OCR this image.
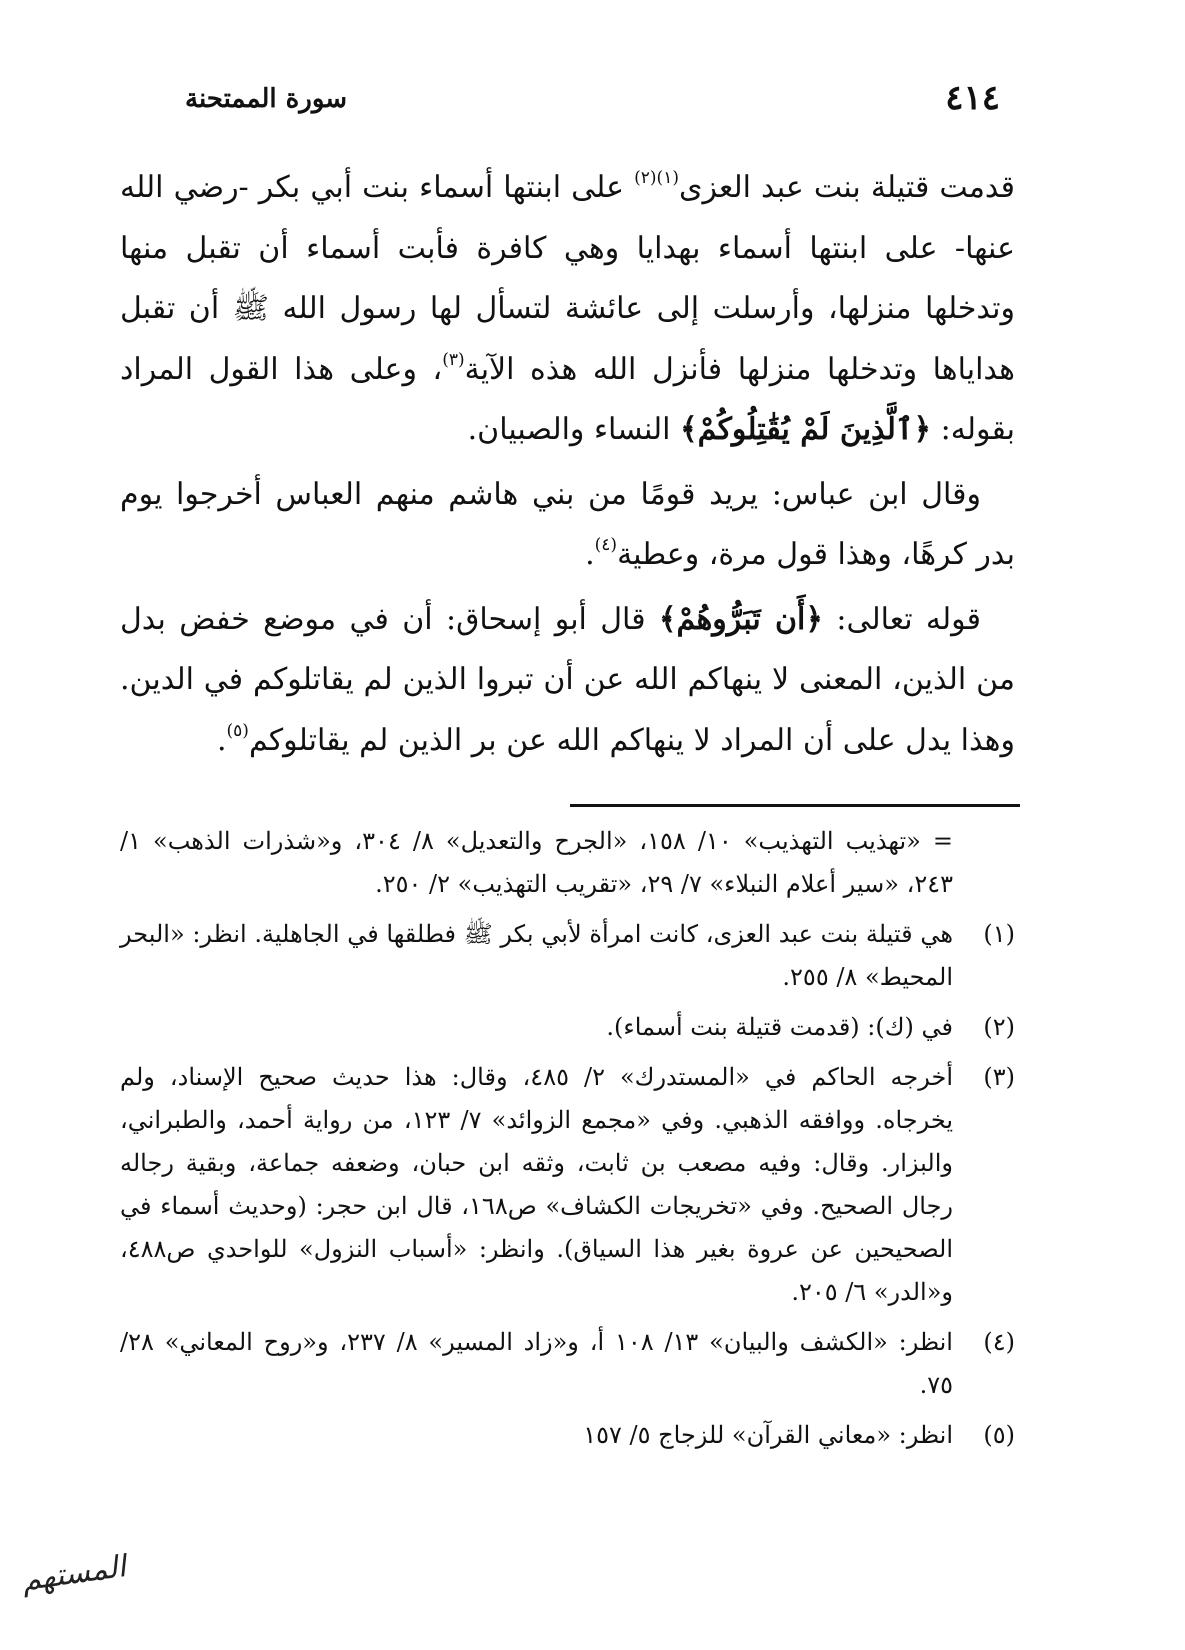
٤١٤
سورة الممتحنة

قدمت قتيلة بنت عبد العزى$^{(١)(٢)}$ على ابنتها أسماء بنت أبي بكر -رضي الله عنها- على ابنتها أسماء بهدايا وهي كافرة فأبت أسماء أن تقبل منها وتدخلها منزلها، وأرسلت إلى عائشة لتسأل لها رسول الله ﷺ أن تقبل هداياها وتدخلها منزلها فأنزل الله هذه الآية$^{(٣)}$، وعلى هذا القول المراد بقوله: ﴿ٱلَّذِينَ لَمْ يُقَٰتِلُوكُمْ﴾ النساء والصبيان.

وقال ابن عباس: يريد قومًا من بني هاشم منهم العباس أخرجوا يوم بدر كرهًا، وهذا قول مرة، وعطية$^{(٤)}$.

قوله تعالى: ﴿أَن تَبَرُّوهُمْ﴾ قال أبو إسحاق: أن في موضع خفض بدل من الذين، المعنى لا ينهاكم الله عن أن تبروا الذين لم يقاتلوكم في الدين. وهذا يدل على أن المراد لا ينهاكم الله عن بر الذين لم يقاتلوكم$^{(٥)}$.

= «تهذيب التهذيب» ١٠/ ١٥٨، «الجرح والتعديل» ٨/ ٣٠٤، و«شذرات الذهب» ١/ ٢٤٣، «سير أعلام النبلاء» ٧/ ٢٩، «تقريب التهذيب» ٢/ ٢٥٠.
(١)
هي قتيلة بنت عبد العزى، كانت امرأة لأبي بكر ﷺ فطلقها في الجاهلية. انظر: «البحر المحيط» ٨/ ٢٥٥.
(٢)
في (ك): (قدمت قتيلة بنت أسماء).
(٣)
أخرجه الحاكم في «المستدرك» ٢/ ٤٨٥، وقال: هذا حديث صحيح الإسناد، ولم يخرجاه. ووافقه الذهبي. وفي «مجمع الزوائد» ٧/ ١٢٣، من رواية أحمد، والطبراني، والبزار. وقال: وفيه مصعب بن ثابت، وثقه ابن حبان، وضعفه جماعة، وبقية رجاله رجال الصحيح. وفي «تخريجات الكشاف» ص١٦٨، قال ابن حجر: (وحديث أسماء في الصحيحين عن عروة بغير هذا السياق). وانظر: «أسباب النزول» للواحدي ص٤٨٨، و«الدر» ٦/ ٢٠٥.
(٤)
انظر: «الكشف والبيان» ١٣/ ١٠٨ أ، و«زاد المسير» ٨/ ٢٣٧، و«روح المعاني» ٢٨/ ٧٥.
(٥)
انظر: «معاني القرآن» للزجاج ٥/ ١٥٧
المستهم
